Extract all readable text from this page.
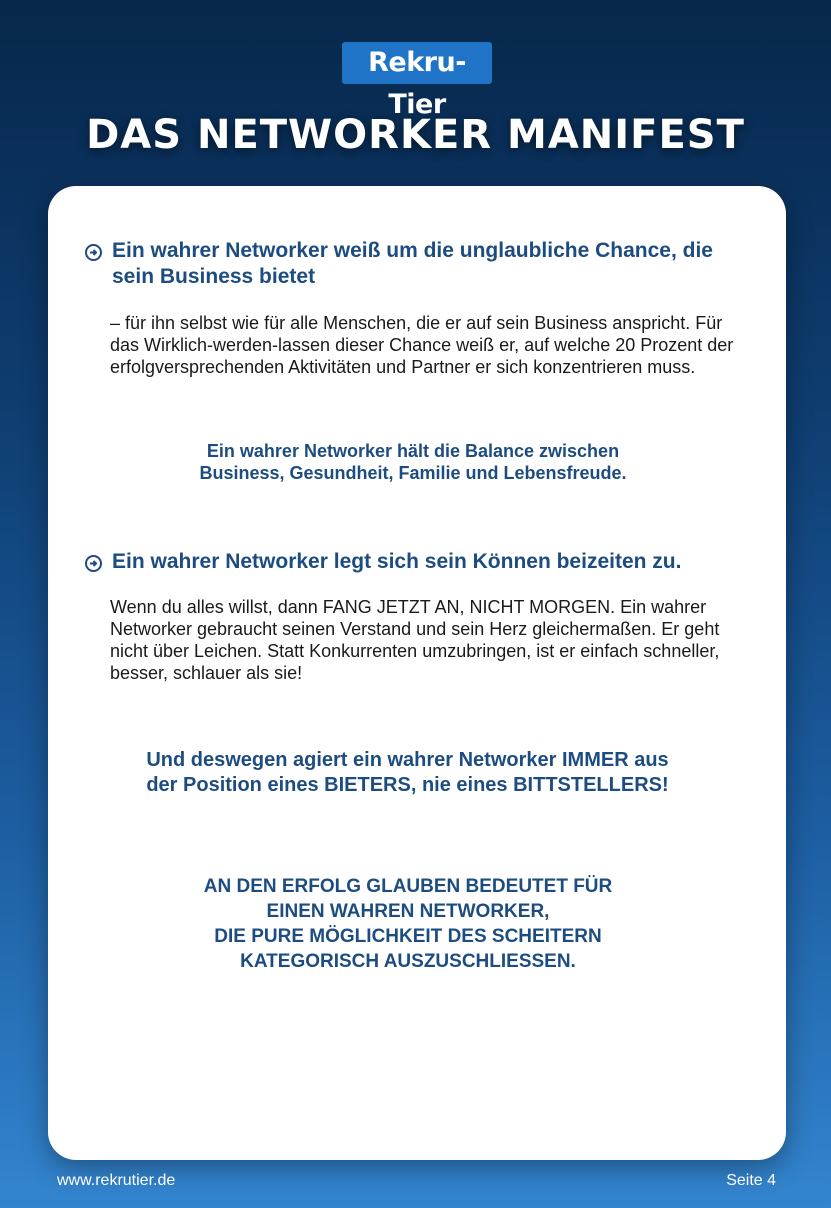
Rekru-Tier
DAS NETWORKER MANIFEST
Ein wahrer Networker weiß um die unglaubliche Chance, die sein Business bietet
– für ihn selbst wie für alle Menschen, die er auf sein Business anspricht. Für das Wirklich-werden-lassen dieser Chance weiß er, auf welche 20 Prozent der erfolgversprechenden Aktivitäten und Partner er sich konzentrieren muss.
Ein wahrer Networker hält die Balance zwischen Business, Gesundheit, Familie und Lebensfreude.
Ein wahrer Networker legt sich sein Können beizeiten zu.
Wenn du alles willst, dann FANG JETZT AN, NICHT MORGEN. Ein wahrer Networker gebraucht seinen Verstand und sein Herz gleichermaßen. Er geht nicht über Leichen. Statt Konkurrenten umzubringen, ist er einfach schneller, besser, schlauer als sie!
Und deswegen agiert ein wahrer Networker IMMER aus der Position eines BIETERS, nie eines BITTSTELLERS!
AN DEN ERFOLG GLAUBEN BEDEUTET FÜR
EINEN WAHREN NETWORKER,
DIE PURE MÖGLICHKEIT DES SCHEITERN
KATEGORISCH AUSZUSCHLIESSEN.
www.rekrutier.de	Seite 4
